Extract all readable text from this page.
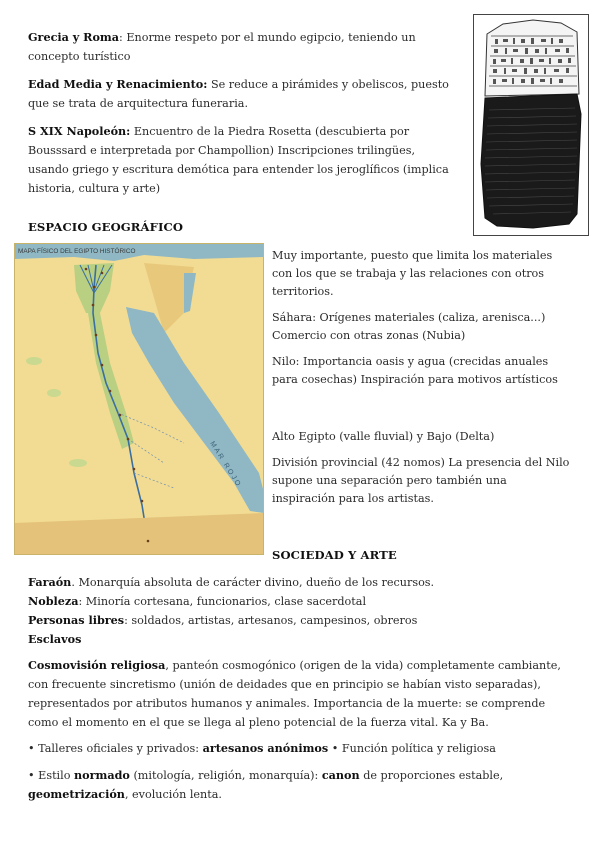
Grecia y Roma: Enorme respeto por el mundo egipcio, teniendo un concepto turístico

Edad Media y Renacimiento: Se reduce a pirámides y obeliscos, puesto que se trata de arquitectura funeraria.

S XIX Napoleón: Encuentro de la Piedra Rosetta (descubierta por Bousssard e interpretada por Champollion) Inscripciones trilingües, usando griego y escritura demótica para entender los jeroglíficos (implica historia, cultura y arte)

ESPACIO GEOGRÁFICO
MAPA FÍSICO DEL EGIPTO HISTÓRICO
MAR ROJO

Muy importante, puesto que limita los materiales con los que se trabaja y las relaciones con otros territorios.

Sáhara: Orígenes materiales (caliza, arenisca...)

Comercio con otras zonas (Nubia)

Nilo: Importancia oasis y agua (crecidas anuales para cosechas) Inspiración para motivos artísticos

Alto Egipto (valle fluvial) y Bajo (Delta)

División provincial (42 nomos) La presencia del Nilo supone una separación pero también una inspiración para los artistas.

SOCIEDAD Y ARTE

Faraón. Monarquía absoluta de carácter divino, dueño de los recursos.

Nobleza: Minoría cortesana, funcionarios, clase sacerdotal

Personas libres: soldados, artistas, artesanos, campesinos, obreros

Esclavos

Cosmovisión religiosa, panteón cosmogónico (origen de la vida) completamente cambiante, con frecuente sincretismo (unión de deidades que en principio se habían visto separadas), representados por atributos humanos y animales. Importancia de la muerte: se comprende como el momento en el que se llega al pleno potencial de la fuerza vital. Ka y Ba.

• Talleres oficiales y privados: artesanos anónimos • Función política y religiosa

• Estilo normado (mitología, religión, monarquía): canon de proporciones estable, geometrización, evolución lenta.
